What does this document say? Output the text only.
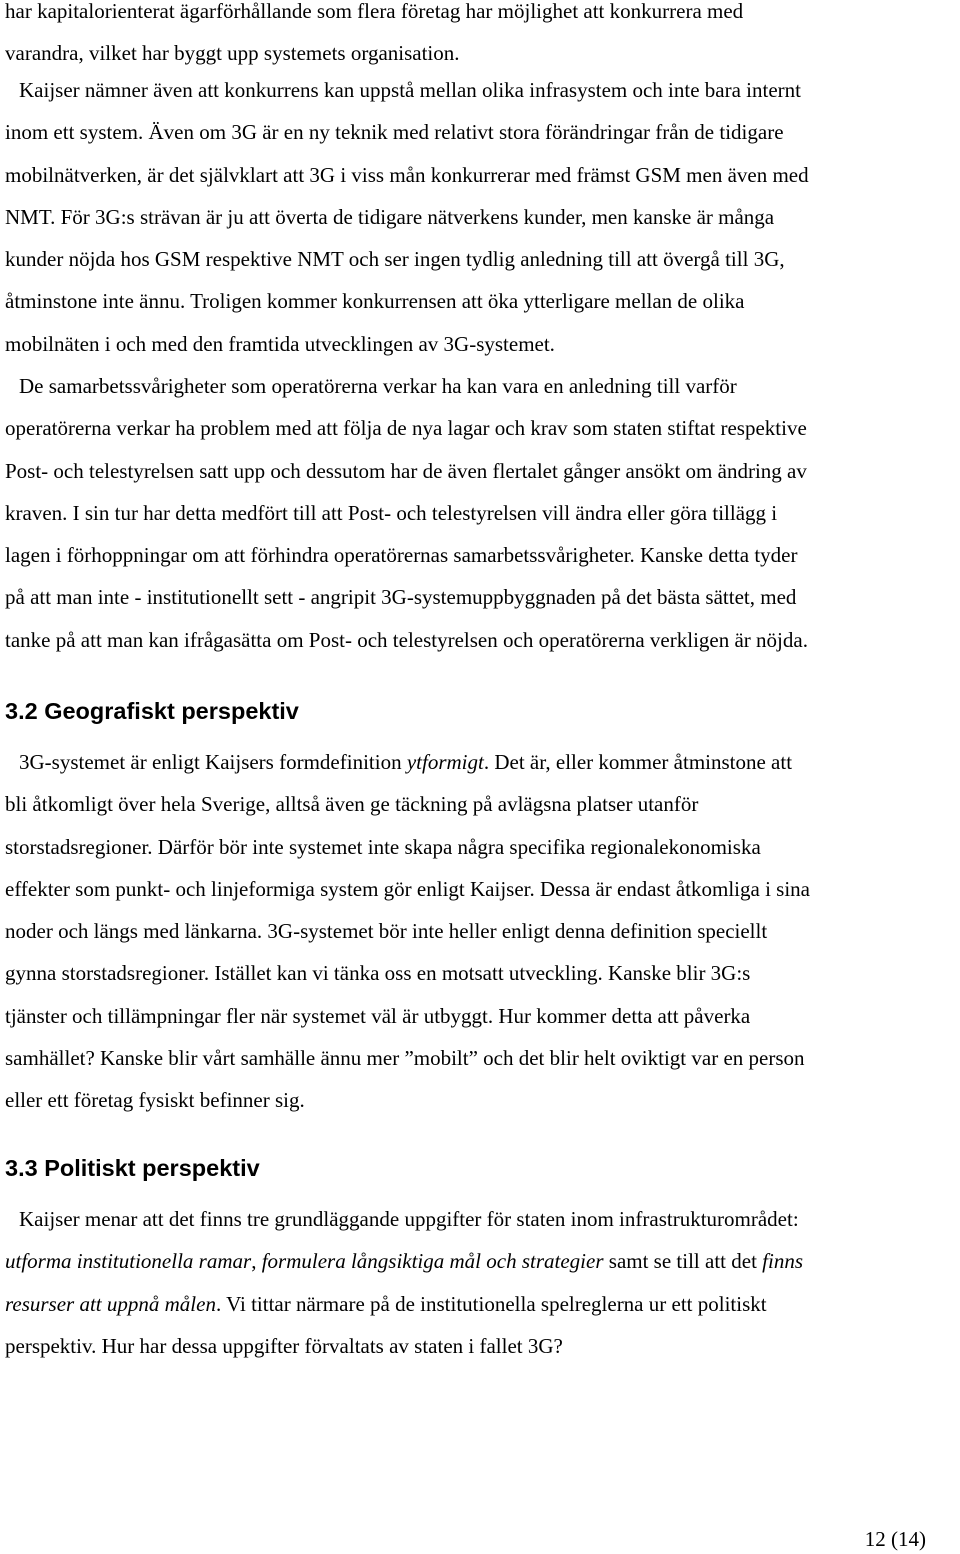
har kapitalorienterat ägarförhållande som flera företag har möjlighet att konkurrera med
varandra, vilket har byggt upp systemets organisation.
Kaijser nämner även att konkurrens kan uppstå mellan olika infrasystem och inte bara internt
inom ett system. Även om 3G är en ny teknik med relativt stora förändringar från de tidigare
mobilnätverken, är det självklart att 3G i viss mån konkurrerar med främst GSM men även med
NMT. För 3G:s strävan är ju att överta de tidigare nätverkens kunder, men kanske är många
kunder nöjda hos GSM respektive NMT och ser ingen tydlig anledning till att övergå till 3G,
åtminstone inte ännu. Troligen kommer konkurrensen att öka ytterligare mellan de olika
mobilnäten i och med den framtida utvecklingen av 3G-systemet.
De samarbetssvårigheter som operatörerna verkar ha kan vara en anledning till varför
operatörerna verkar ha problem med att följa de nya lagar och krav som staten stiftat respektive
Post- och telestyrelsen satt upp och dessutom har de även flertalet gånger ansökt om ändring av
kraven. I sin tur har detta medfört till att Post- och telestyrelsen vill ändra eller göra tillägg i
lagen i förhoppningar om att förhindra operatörernas samarbetssvårigheter. Kanske detta tyder
på att man inte - institutionellt sett - angripit 3G-systemuppbyggnaden på det bästa sättet, med
tanke på att man kan ifrågasätta om Post- och telestyrelsen och operatörerna verkligen är nöjda.
3.2 Geografiskt perspektiv
3G-systemet är enligt Kaijsers formdefinition ytformigt. Det är, eller kommer åtminstone att
bli åtkomligt över hela Sverige, alltså även ge täckning på avlägsna platser utanför
storstadsregioner. Därför bör inte systemet inte skapa några specifika regionalekonomiska
effekter som punkt- och linjeformiga system gör enligt Kaijser. Dessa är endast åtkomliga i sina
noder och längs med länkarna. 3G-systemet bör inte heller enligt denna definition speciellt
gynna storstadsregioner. Istället kan vi tänka oss en motsatt utveckling. Kanske blir 3G:s
tjänster och tillämpningar fler när systemet väl är utbyggt. Hur kommer detta att påverka
samhället? Kanske blir vårt samhälle ännu mer ”mobilt” och det blir helt oviktigt var en person
eller ett företag fysiskt befinner sig.
3.3 Politiskt perspektiv
Kaijser menar att det finns tre grundläggande uppgifter för staten inom infrastrukturområdet:
utforma institutionella ramar, formulera långsiktiga mål och strategier samt se till att det finns
resurser att uppnå målen. Vi tittar närmare på de institutionella spelreglerna ur ett politiskt
perspektiv. Hur har dessa uppgifter förvaltats av staten i fallet 3G?
12 (14)
